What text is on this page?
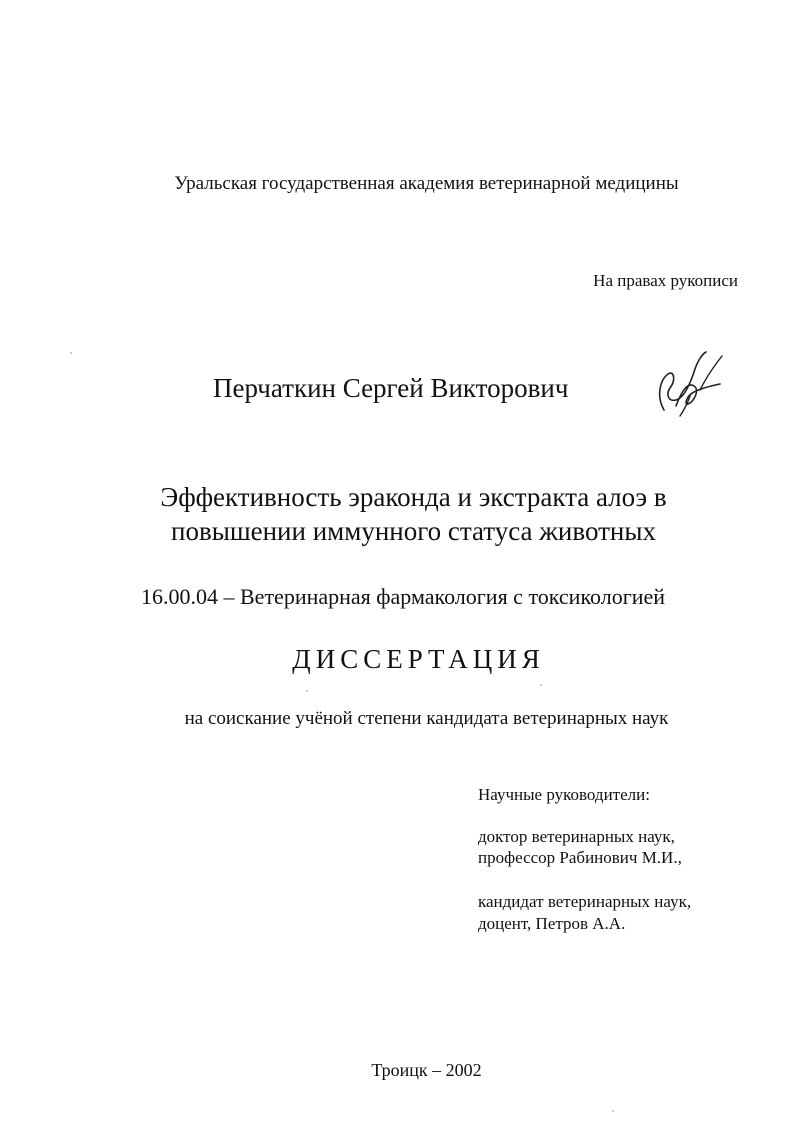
Уральская государственная академия ветеринарной медицины
На правах рукописи
Перчаткин Сергей Викторович
Эффективность эраконда и экстракта алоэ в
повышении иммунного статуса животных
16.00.04 – Ветеринарная фармакология с токсикологией
ДИССЕРТАЦИЯ
на соискание учёной степени кандидата ветеринарных наук
Научные руководители:
доктор ветеринарных наук,
профессор Рабинович М.И.,
кандидат ветеринарных наук,
доцент, Петров А.А.
Троицк – 2002
